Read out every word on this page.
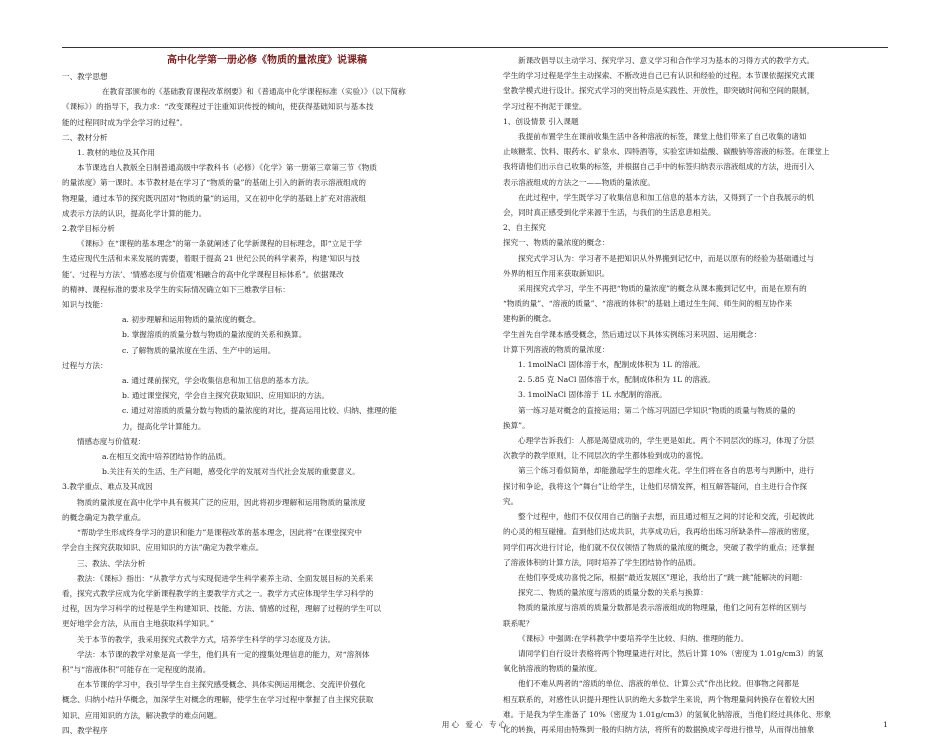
高中化学第一册必修《物质的量浓度》说课稿
一、教学思想
在教育部颁布的《基础教育课程改革纲要》和《普通高中化学课程标准（实验）》（以下简称
《课标》）的指导下，我力求：“改变课程过于注重知识传授的倾向，使获得基础知识与基本技
能的过程同时成为学会学习的过程”。
二、教材分析
1. 教材的地位及其作用
本节课选自人教版全日制普通高级中学教科书（必修）《化学》第一册第三章第三节《物质
的量浓度》第一课时。本节教材是在学习了“物质的量”的基础上引入的新的表示溶液组成的
物理量，通过本节的探究既巩固对“物质的量”的运用，又在初中化学的基础上扩充对溶液组
成表示方法的认识，提高化学计算的能力。
2.教学目标分析
《课标》在“课程的基本理念”的第一条就阐述了化学新课程的目标理念，即“立足于学
生适应现代生活和未来发展的需要，着眼于提高 21 世纪公民的科学素养，构建‘知识与技
能’、‘过程与方法’、‘情感态度与价值观’相融合的高中化学课程目标体系”。依据课改
的精神、课程标准的要求及学生的实际情况确立如下三维教学目标：
知识与技能：
a. 初步理解和运用物质的量浓度的概念。
b. 掌握溶质的质量分数与物质的量浓度的关系和换算。
c. 了解物质的量浓度在生活、生产中的运用。
过程与方法：
a. 通过课前探究，学会收集信息和加工信息的基本方法。
b. 通过课堂探究，学会自主探究获取知识、应用知识的方法。
c. 通过对溶质的质量分数与物质的量浓度的对比，提高运用比较、归纳、推理的能
力，提高化学计算能力。
情感态度与价值观：
a.在相互交流中培养团结协作的品质。
b.关注有关的生活、生产问题，感受化学的发展对当代社会发展的重要意义。
3.教学重点、难点及其成因
物质的量浓度在高中化学中具有极其广泛的应用，因此将初步理解和运用物质的量浓度
的概念确定为教学重点。
“帮助学生形成终身学习的意识和能力”是课程改革的基本理念，因此将“在课堂探究中
学会自主探究获取知识、应用知识的方法”确定为教学难点。
三、教法、学法分析
教法：《课标》指出：“从教学方式与实现促进学生科学素养主动、全面发展目标的关系来
看，探究式教学应成为化学新课程教学的主要教学方式之一。教学方式应体现学生学习科学的
过程，因为学习科学的过程是学生构建知识、技能、方法、情感的过程，理解了过程的学生可以
更好地学会方法，从而自主地获取科学知识。”
关于本节的教学，我采用探究式教学方式，培养学生科学的学习态度及方法。
学法：本节课的教学对象是高一学生，他们具有一定的搜集处理信息的能力，对“溶剂体
积”与“溶液体积”可能存在一定程度的混淆。
在本节课的学习中，我引导学生自主探究感受概念、具体实例运用概念、交流评价强化
概念、归纳小结升华概念，加深学生对概念的理解，使学生在学习过程中掌握了自主探究获取
知识、应用知识的方法，解决教学的难点问题。
四、教学程序
新课改倡导以主动学习、探究学习、意义学习和合作学习为基本的习得方式的教学方式。
学生的学习过程是学生主动探索、不断改进自己已有认识和经验的过程。本节课依据探究式课
堂教学模式进行设计。探究式学习的突出特点是实践性、开放性，即突破时间和空间的限制，
学习过程不拘泥于课堂。
1、创设情景 引入课题
我提前布置学生在课前收集生活中各种溶液的标签，课堂上他们带来了自己收集的诸如
止咳糖浆、饮料、眼药水、矿泉水、四特酒等，实验室讲如盐酸、碳酸钠等溶液的标签。在课堂上
我将请他们出示自己收集的标签，并根据自己手中的标签归纳表示溶液组成的方法，进而引入
表示溶液组成的方法之一——物质的量浓度。
在此过程中，学生既学习了收集信息和加工信息的基本方法，又得到了一个自我展示的机
会，同时真正感受到化学来源于生活，与我们的生活息息相关。
2、自主探究
探究一、物质的量浓度的概念：
探究式学习认为：学习者不是把知识从外界搬到记忆中，而是以原有的经验为基础通过与
外界的相互作用来获取新知识。
采用探究式学习，学生不再把“物质的量浓度”的概念从课本搬到记忆中，而是在原有的
“物质的量”、“溶液的质量”、“溶液的体积”的基础上通过生生间、师生间的相互协作来
建构新的概念。
学生首先自学课本感受概念，然后通过以下具体实例练习来巩固、运用概念：
计算下列溶液的物质的量浓度：
1. 1molNaCl 固体溶于水，配制成体积为 1L 的溶液。
2. 5.85 克 NaCl 固体溶于水，配制成体积为 1L 的溶液。
3. 1molNaCl 固体溶于 1L 水配制的溶液。
第一练习是对概念的直接运用；第二个练习巩固已学知识“物质的质量与物质的量的
换算”。
心理学告诉我们：人都是渴望成功的，学生更是如此。两个不同层次的练习，体现了分层
次教学的教学原则，让不同层次的学生都体验到成功的喜悦。
第三个练习看似简单，却能激起学生的思维火花。学生们将在各自的思考与判断中，进行
探讨和争论，我将这个“舞台”让给学生，让他们尽情发挥，相互解答疑问，自主进行合作探
究。
整个过程中，他们不仅仅用自己的脑子去想，而且通过相互之间的讨论和交流，引起彼此
的心灵的相互碰撞。直到他们达成共识，共享成功后，我再给出练习所缺条件—溶液的密度，
同学们再次进行讨论，他们就不仅仅领悟了物质的量浓度的概念，突破了教学的重点；还掌握
了溶液体积的计算方法，同时培养了学生团结协作的品质。
在他们享受成功喜悦之际，根据“最近发展区”理论，我给出了“跳一跳”能解决的问题：
探究二、物质的量浓度与溶质的质量分数的关系与换算：
物质的量浓度与溶质的质量分数都是表示溶液组成的物理量，他们之间有怎样的区别与
联系呢？
《课标》中强调:在学科教学中要培养学生比较、归纳、推理的能力。
请同学们自行设计表格将两个物理量进行对比，然后计算 10%（密度为 1.01g/cm3）的氢
氧化钠溶液的物质的量浓度。
他们不难从两者的“溶质的单位、溶液的单位、计算公式”作出比较。但事物之间都是
相互联系的，对感性认识提升理性认识的绝大多数学生来说，两个物理量间转换存在着较大困
难。于是我为学生准备了 10%（密度为 1.01g/cm3）的氢氧化钠溶液，当他们经过具体化、形象
化的转换，再采用由特殊到一般的归纳方法，将所有的数据换成字母进行推导，从而得出抽象
用心 爱心 专心	1
